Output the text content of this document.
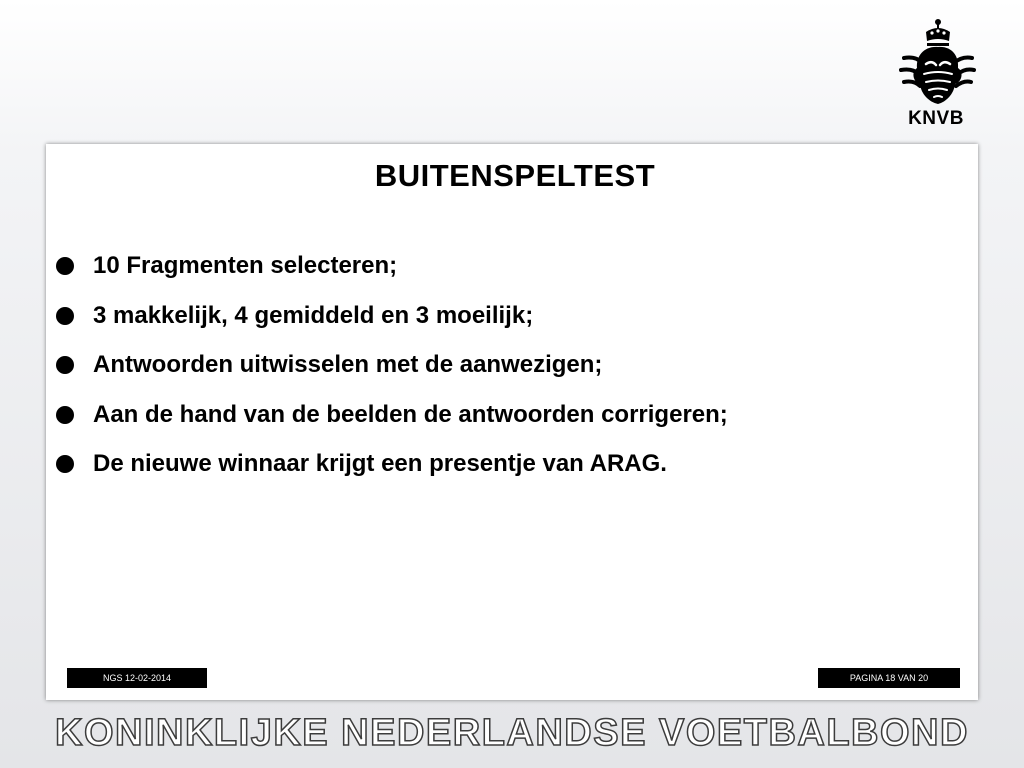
KNVB
BUITENSPELTEST
10 Fragmenten selecteren;
3 makkelijk, 4 gemiddeld en 3 moeilijk;
Antwoorden uitwisselen met de aanwezigen;
Aan de hand van de beelden de antwoorden corrigeren;
De nieuwe winnaar krijgt een presentje van ARAG.
NGS 12-02-2014	PAGINA 18 VAN 20
KONINKLIJKE NEDERLANDSE VOETBALBOND
